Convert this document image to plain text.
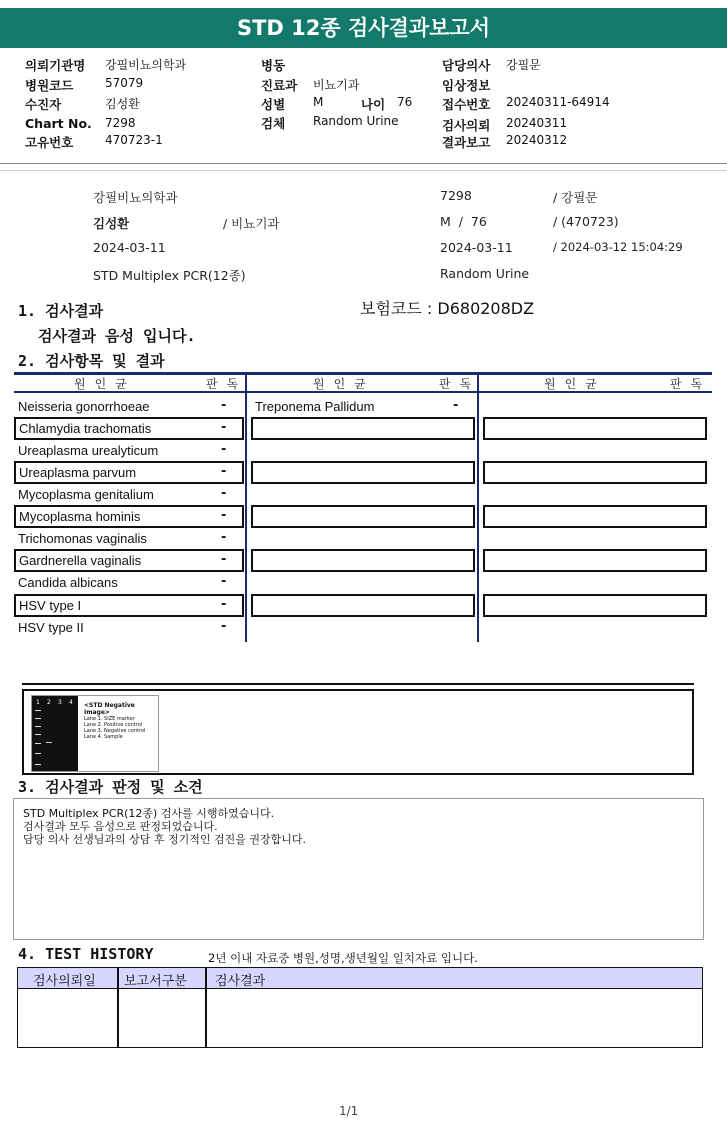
STD 12종 검사결과보고서
의뢰기관명 강필비뇨의학과
병원코드	57079
수진자	김성환
Chart No. 7298
고유번호	470723-1
병동
진료과 비뇨기과
성별 M	나이 76
검체 Random Urine
담당의사 강필문
임상정보
접수번호 20240311-64914
검사의뢰 20240311
결과보고 20240312
강필비뇨의학과	7298	/ 강필문
김성환	/ 비뇨기과	M  /  76	/ (470723)
2024-03-11	2024-03-11	/ 2024-03-12 15:04:29
STD Multiplex PCR(12종)	Random Urine
1. 검사결과	보험코드 : D680208DZ
검사결과 음성 입니다.
2. 검사항목 및 결과
원인균	판독	원인균	판독	원인균	판독
Neisseria gonorrhoeae	-
Chlamydia trachomatis	-
Ureaplasma urealyticum	-
Ureaplasma parvum	-
Mycoplasma genitalium	-
Mycoplasma hominis	-
Trichomonas vaginalis	-
Gardnerella vaginalis	-
Candida albicans	-
HSV type I	-
HSV type II	-
Treponema Pallidum	-
1 2 3 4 <STD Negative Image>
Lane 1. SIZE marker
Lane 2. Positive control
Lane 3. Negative control
Lane 4. Sample
3. 검사결과 판정 및 소견
STD Multiplex PCR(12종) 검사를 시행하였습니다.
검사결과 모두 음성으로 판정되었습니다.
담당 의사 선생님과의 상담 후 정기적인 검진을 권장합니다.
4. TEST HISTORY	2년 이내 자료중 병원,성명,생년월일 일치자료 입니다.
검사의뢰일 보고서구분 검사결과
1/1
